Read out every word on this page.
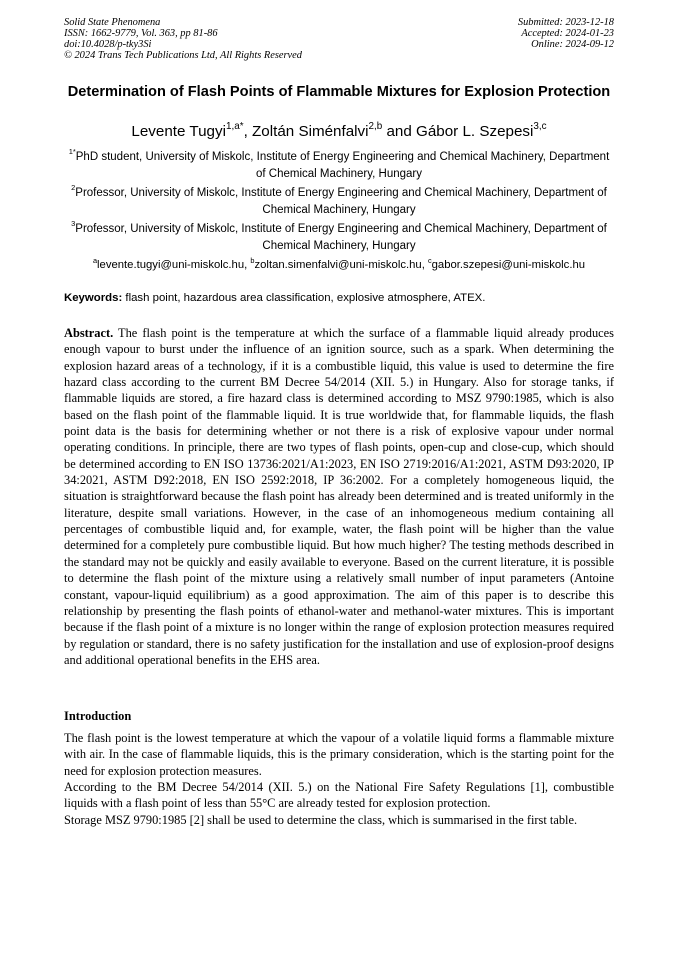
Solid State Phenomena
ISSN: 1662-9779, Vol. 363, pp 81-86
doi:10.4028/p-tky3Si
© 2024 Trans Tech Publications Ltd, All Rights Reserved
Submitted: 2023-12-18
Accepted: 2024-01-23
Online: 2024-09-12
Determination of Flash Points of Flammable Mixtures for Explosion Protection
Levente Tugyi$^{1,a*}$, Zoltán Siménfalvi$^{2,b}$ and Gábor L. Szepesi$^{3,c}$
$^{1*}$PhD student, University of Miskolc, Institute of Energy Engineering and Chemical Machinery, Department of Chemical Machinery, Hungary
$^2$Professor, University of Miskolc, Institute of Energy Engineering and Chemical Machinery, Department of Chemical Machinery, Hungary
$^3$Professor, University of Miskolc, Institute of Energy Engineering and Chemical Machinery, Department of Chemical Machinery, Hungary
$^a$levente.tugyi@uni-miskolc.hu, $^b$zoltan.simenfalvi@uni-miskolc.hu, $^c$gabor.szepesi@uni-miskolc.hu
Keywords: flash point, hazardous area classification, explosive atmosphere, ATEX.
Abstract. The flash point is the temperature at which the surface of a flammable liquid already produces enough vapour to burst under the influence of an ignition source, such as a spark. When determining the explosion hazard areas of a technology, if it is a combustible liquid, this value is used to determine the fire hazard class according to the current BM Decree 54/2014 (XII. 5.) in Hungary. Also for storage tanks, if flammable liquids are stored, a fire hazard class is determined according to MSZ 9790:1985, which is also based on the flash point of the flammable liquid. It is true worldwide that, for flammable liquids, the flash point data is the basis for determining whether or not there is a risk of explosive vapour under normal operating conditions. In principle, there are two types of flash points, open-cup and close-cup, which should be determined according to EN ISO 13736:2021/A1:2023, EN ISO 2719:2016/A1:2021, ASTM D93:2020, IP 34:2021, ASTM D92:2018, EN ISO 2592:2018, IP 36:2002. For a completely homogeneous liquid, the situation is straightforward because the flash point has already been determined and is treated uniformly in the literature, despite small variations. However, in the case of an inhomogeneous medium containing all percentages of combustible liquid and, for example, water, the flash point will be higher than the value determined for a completely pure combustible liquid. But how much higher? The testing methods described in the standard may not be quickly and easily available to everyone. Based on the current literature, it is possible to determine the flash point of the mixture using a relatively small number of input parameters (Antoine constant, vapour-liquid equilibrium) as a good approximation. The aim of this paper is to describe this relationship by presenting the flash points of ethanol-water and methanol-water mixtures. This is important because if the flash point of a mixture is no longer within the range of explosion protection measures required by regulation or standard, there is no safety justification for the installation and use of explosion-proof designs and additional operational benefits in the EHS area.
Introduction

The flash point is the lowest temperature at which the vapour of a volatile liquid forms a flammable mixture with air. In the case of flammable liquids, this is the primary consideration, which is the starting point for the need for explosion protection measures.

According to the BM Decree 54/2014 (XII. 5.) on the National Fire Safety Regulations [1], combustible liquids with a flash point of less than 55°C are already tested for explosion protection.

Storage MSZ 9790:1985 [2] shall be used to determine the class, which is summarised in the first table.
